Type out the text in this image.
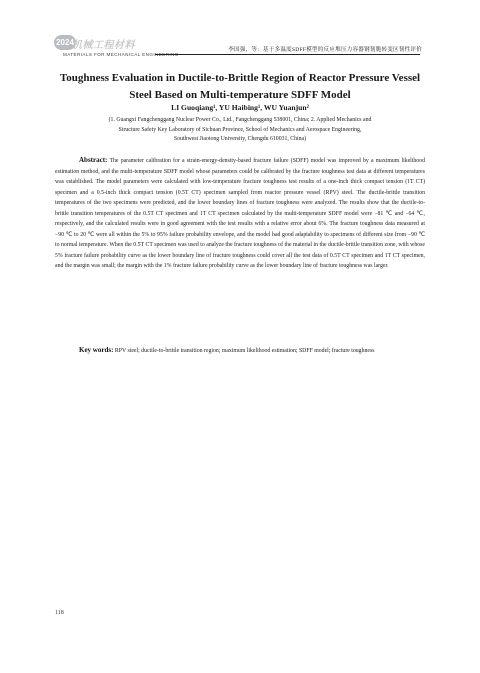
2024
机械工程材料
MATERIALS FOR MECHANICAL ENGINEERING
李国强，等：基于多温度SDFF模型的反应堆压力容器钢韧脆转变区韧性评价
Toughness Evaluation in Ductile-to-Brittle Region of Reactor Pressure Vessel
Steel Based on Multi-temperature SDFF Model
LI Guoqiang¹, YU Haibing¹, WU Yuanjun²
(1. Guangxi Fangchenggang Nuclear Power Co., Ltd., Fangchenggang 538001, China; 2. Applied Mechanics and
Structure Safety Key Laboratory of Sichuan Province, School of Mechanics and Aerospace Engineering,
Southwest Jiaotong University, Chengdu 610031, China)

Abstract: The parameter calibration for a strain-energy-density-based fracture failure (SDFF) model was improved by a maximum likelihood estimation method, and the multi-temperature SDFF model whose parameters could be calibrated by the fracture toughness test data at different temperatures was established. The model parameters were calculated with low-temperature fracture toughness test results of a one-inch thick compact tension (1T CT) specimen and a 0.5-inch thick compact tension (0.5T CT) specimen sampled from reactor pressure vessel (RPV) steel. The ductile-brittle transition temperatures of the two specimens were predicted, and the lower boundary lines of fracture toughness were analyzed. The results show that the ductile-to-brittle transition temperatures of the 0.5T CT specimen and 1T CT specimen calculated by the multi-temperature SDFF model were −81 ℃ and −64 ℃, respectively, and the calculated results were in good agreement with the test results with a relative error about 6%. The fracture toughness data measured at −90 ℃ to 20 ℃ were all within the 5% to 95% failure probability envelope, and the model had good adaptability to specimens of different size from −90 ℃ to normal temperature. When the 0.5T CT specimen was used to analyze the fracture toughness of the material in the ductile-brittle transition zone, with whose 5% fracture failure probability curve as the lower boundary line of fracture toughness could cover all the test data of 0.5T CT specimen and 1T CT specimen, and the margin was small; the margin with the 1% fracture failure probability curve as the lower boundary line of fracture toughness was larger.

Key words: RPV steel; ductile-to-brittle transition region; maximum likelihood estimation; SDFF model; fracture toughness

118
